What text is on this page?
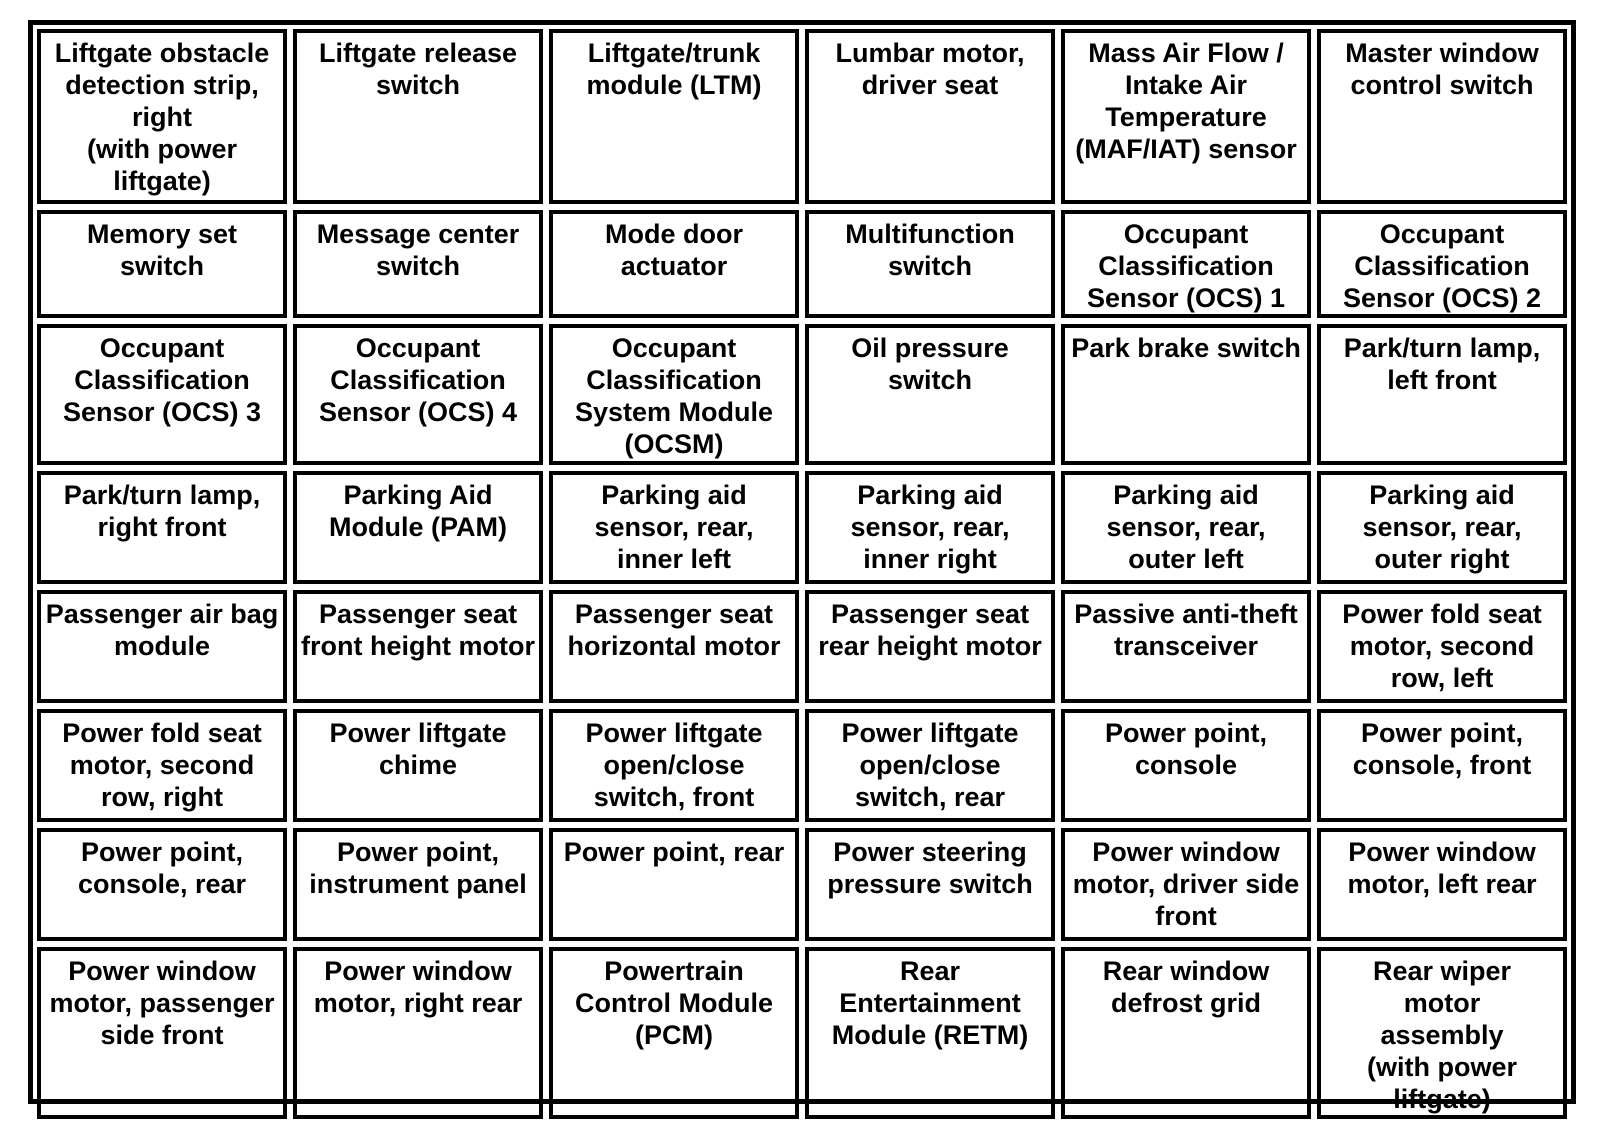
Liftgate obstacle
detection strip,
right
(with power
liftgate)
Liftgate release
switch
Liftgate/trunk
module (LTM)
Lumbar motor,
driver seat
Mass Air Flow /
Intake Air
Temperature
(MAF/IAT) sensor
Master window
control switch
Memory set
switch
Message center
switch
Mode door
actuator
Multifunction
switch
Occupant
Classification
Sensor (OCS) 1
Occupant
Classification
Sensor (OCS) 2
Occupant
Classification
Sensor (OCS) 3
Occupant
Classification
Sensor (OCS) 4
Occupant
Classification
System Module
(OCSM)
Oil pressure
switch
Park brake switch Park/turn lamp,
left front
Park/turn lamp,
right front
Parking Aid
Module (PAM)
Parking aid
sensor, rear,
inner left
Parking aid
sensor, rear,
inner right
Parking aid
sensor, rear,
outer left
Parking aid
sensor, rear,
outer right
Passenger air bag
module
Passenger seat
front height motor
Passenger seat
horizontal motor
Passenger seat
rear height motor
Passive anti-theft
transceiver
Power fold seat
motor, second
row, left
Power fold seat
motor, second
row, right
Power liftgate
chime
Power liftgate
open/close
switch, front
Power liftgate
open/close
switch, rear
Power point,
console
Power point,
console, front
Power point,
console, rear
Power point,
instrument panel
Power point, rear Power steering
pressure switch
Power window
motor, driver side
front
Power window
motor, left rear
Power window
motor, passenger
side front
Power window
motor, right rear
Powertrain
Control Module
(PCM)
Rear
Entertainment
Module (RETM)
Rear window
defrost grid
Rear wiper
motor
assembly
(with power
liftgate)
